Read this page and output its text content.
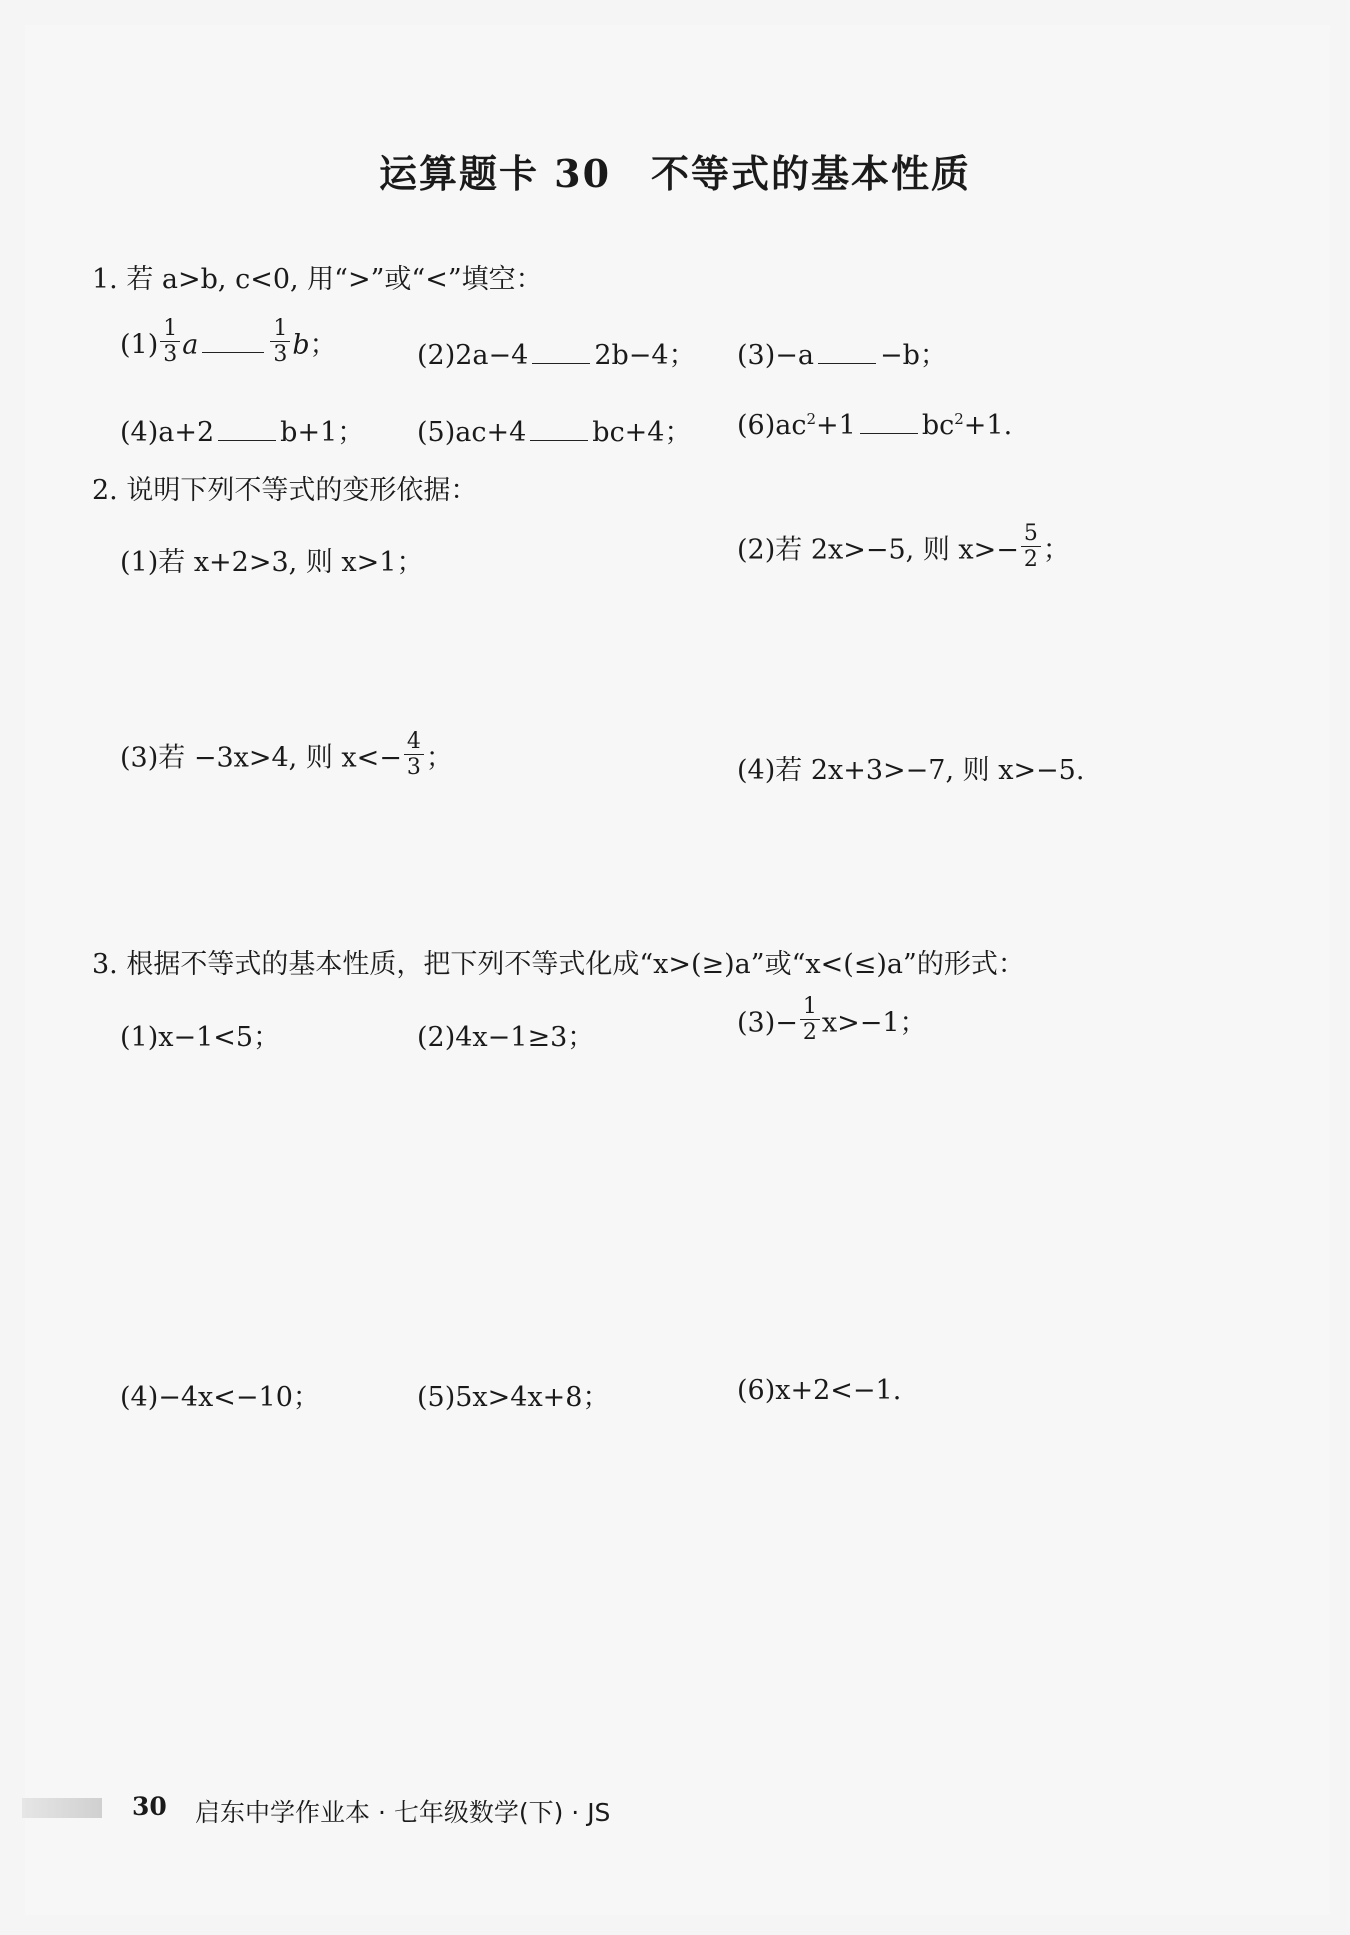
运算题卡 30　不等式的基本性质
1. 若 a>b, c<0, 用“>”或“<”填空：
$(1) \frac{1}{3}$ a	$\frac{1}{3}$ b；	(2)2a−4 2b−4； (3)−a −b；
(4)a+2 b+1； (5)ac+4 bc+4； $(6)ac^2+1$ $bc^2+1$.
2. 说明下列不等式的变形依据：
(1)若 x+2>3, 则 x>1；	(2)若 2x>−5, 则 $x>- \frac{5}{2}$ ；
(3)若 −3x>4, 则 $x<- \frac{4}{3}$ ；	(4)若 2x+3>−7, 则 x>−5.
3. 根据不等式的基本性质，把下列不等式化成“x>(≥)a”或“x<(≤)a”的形式：
(1)x−1<5；	(2)4x−1≥3；	$(3)- \frac{1}{2} x>-1$；
(4)−4x<−10；	(5)5x>4x+8；	(6)x+2<−1.
30 启东中学作业本 · 七年级数学(下) · JS
